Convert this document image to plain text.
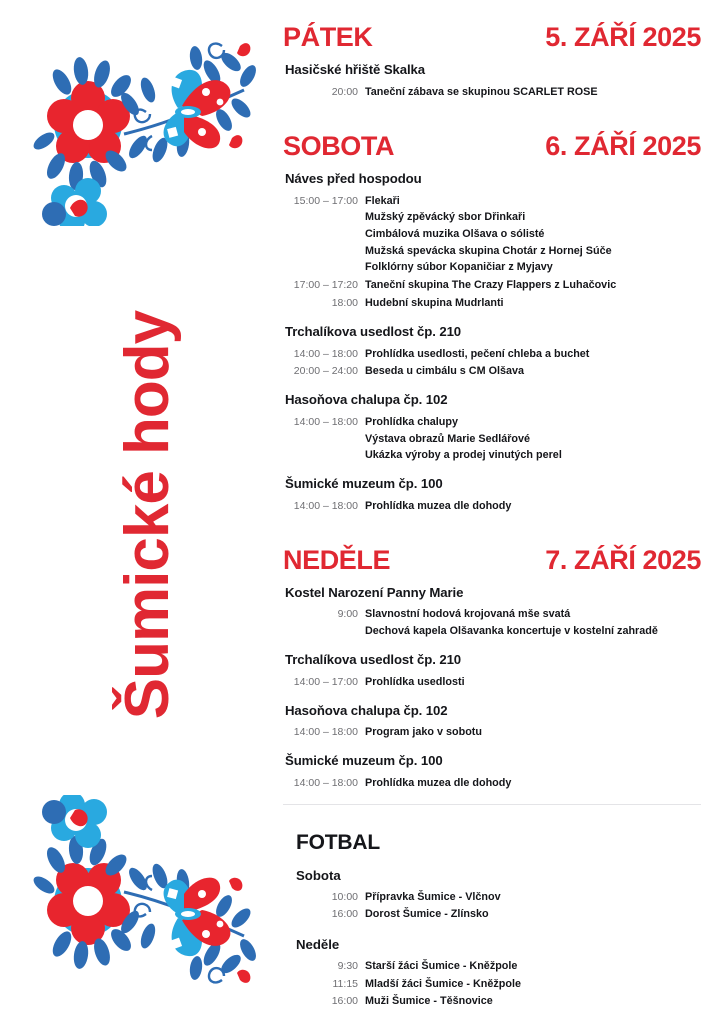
Šumické hody
PÁTEK	5. ZÁŘÍ 2025
Hasičské hřiště Skalka
20:00 Taneční zábava se skupinou SCARLET ROSE
SOBOTA	6. ZÁŘÍ 2025
Náves před hospodou
15:00 – 17:00 Flekaři
Mužský zpěvácký sbor Dřinkaři
Cimbálová muzika Olšava o sólisté
Mužská spevácka skupina Chotár z Hornej Súče
Folklórny súbor Kopaničiar z Myjavy
17:00 – 17:20 Taneční skupina The Crazy Flappers z Luhačovic
18:00 Hudební skupina Mudrlanti
Trchalíkova usedlost čp. 210
14:00 – 18:00 Prohlídka usedlosti, pečení chleba a buchet
20:00 – 24:00 Beseda u cimbálu s CM Olšava
Hasoňova chalupa čp. 102
14:00 – 18:00 Prohlídka chalupy
Výstava obrazů Marie Sedlářové
Ukázka výroby a prodej vinutých perel
Šumické muzeum čp. 100
14:00 – 18:00 Prohlídka muzea dle dohody
NEDĚLE	7. ZÁŘÍ 2025
Kostel Narození Panny Marie
9:00 Slavnostní hodová krojovaná mše svatá
Dechová kapela Olšavanka koncertuje v kostelní zahradě
Trchalíkova usedlost čp. 210
14:00 – 17:00 Prohlídka usedlosti
Hasoňova chalupa čp. 102
14:00 – 18:00 Program jako v sobotu
Šumické muzeum čp. 100
14:00 – 18:00 Prohlídka muzea dle dohody
FOTBAL
Sobota
10:00 Přípravka Šumice - Vlčnov
16:00 Dorost Šumice - Zlínsko
Neděle
9:30 Starší žáci Šumice - Kněžpole
11:15 Mladší žáci Šumice - Kněžpole
16:00 Muži Šumice - Těšnovice
